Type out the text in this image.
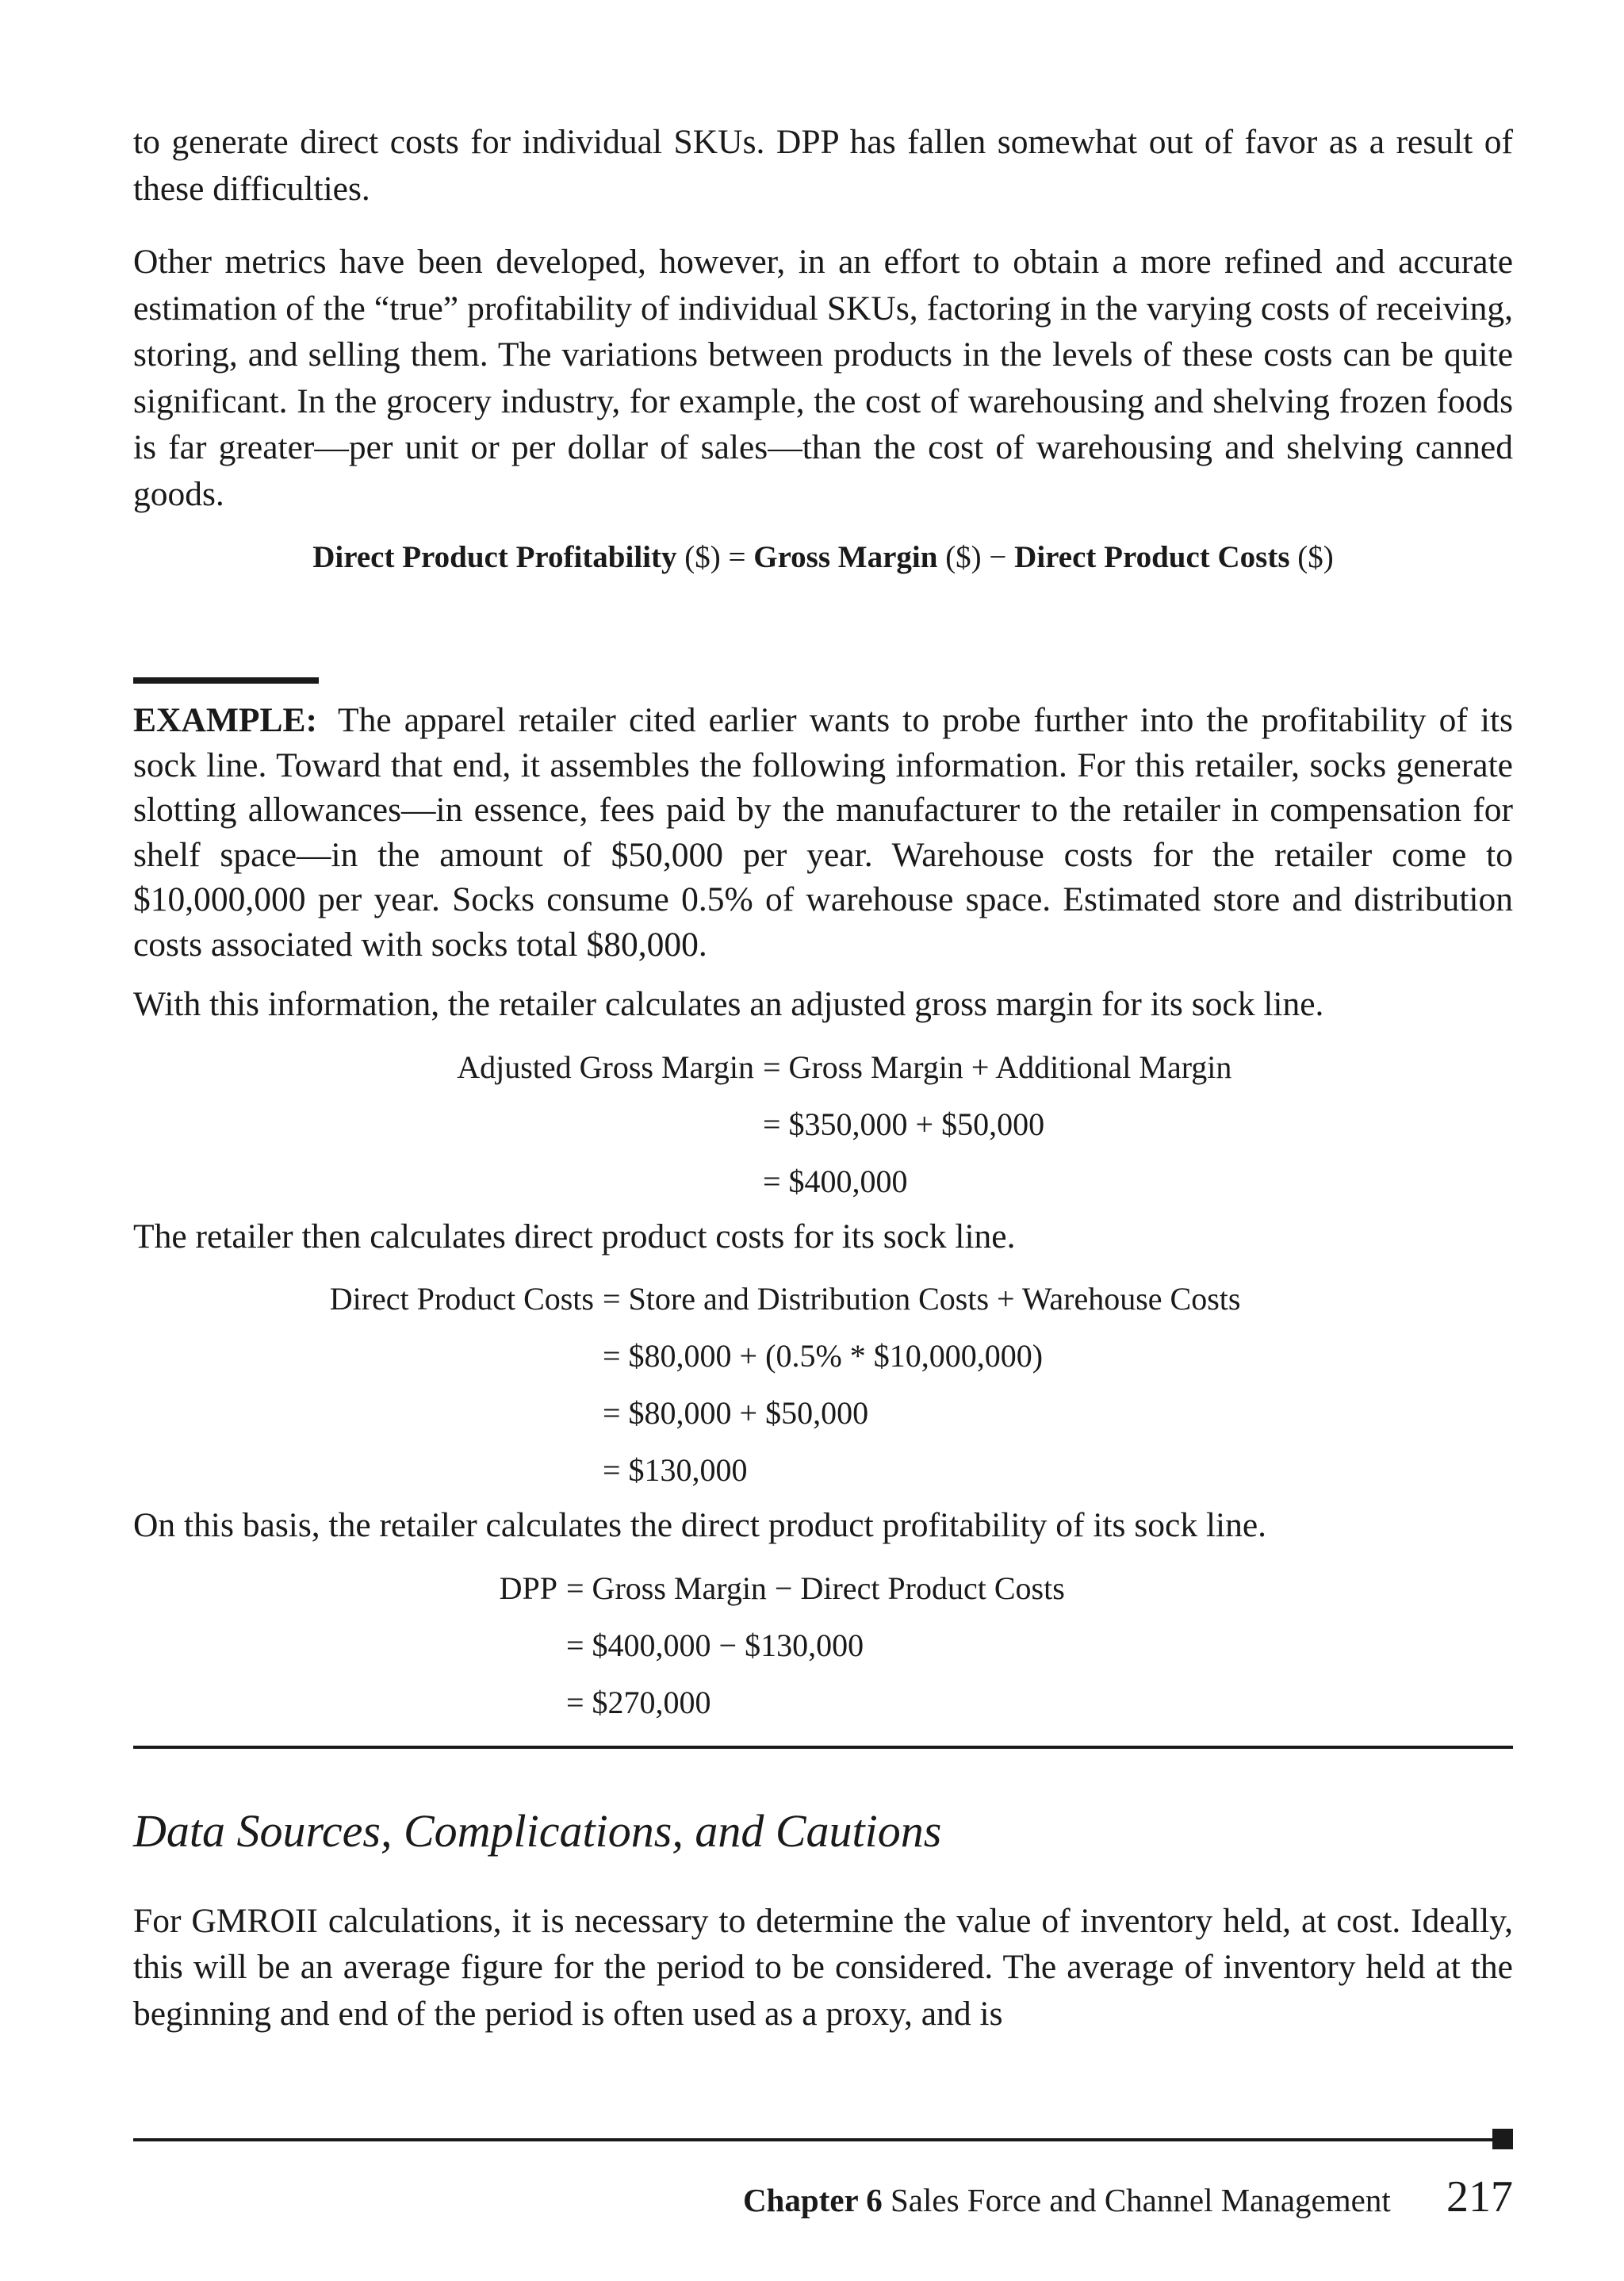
to generate direct costs for individual SKUs. DPP has fallen somewhat out of favor as a result of these difficulties.

Other metrics have been developed, however, in an effort to obtain a more refined and accurate estimation of the “true” profitability of individual SKUs, factoring in the varying costs of receiving, storing, and selling them. The variations between products in the levels of these costs can be quite significant. In the grocery industry, for example, the cost of warehousing and shelving frozen foods is far greater—per unit or per dollar of sales—than the cost of warehousing and shelving canned goods.

Direct Product Profitability ($) = Gross Margin ($) − Direct Product Costs ($)

EXAMPLE: The apparel retailer cited earlier wants to probe further into the profitability of its sock line. Toward that end, it assembles the following information. For this retailer, socks generate slotting allowances—in essence, fees paid by the manufacturer to the retailer in compensation for shelf space—in the amount of $50,000 per year. Warehouse costs for the retailer come to $10,000,000 per year. Socks consume 0.5% of warehouse space. Estimated store and distribution costs associated with socks total $80,000.

With this information, the retailer calculates an adjusted gross margin for its sock line.

Adjusted Gross Margin = Gross Margin + Additional Margin
= $350,000 + $50,000
= $400,000

The retailer then calculates direct product costs for its sock line.

Direct Product Costs = Store and Distribution Costs + Warehouse Costs
= $80,000 + (0.5% * $10,000,000)
= $80,000 + $50,000
= $130,000

On this basis, the retailer calculates the direct product profitability of its sock line.

DPP = Gross Margin − Direct Product Costs
= $400,000 − $130,000
= $270,000
Data Sources, Complications, and Cautions

For GMROII calculations, it is necessary to determine the value of inventory held, at cost. Ideally, this will be an average figure for the period to be considered. The average of inventory held at the beginning and end of the period is often used as a proxy, and is

Chapter 6 Sales Force and Channel Management 217
